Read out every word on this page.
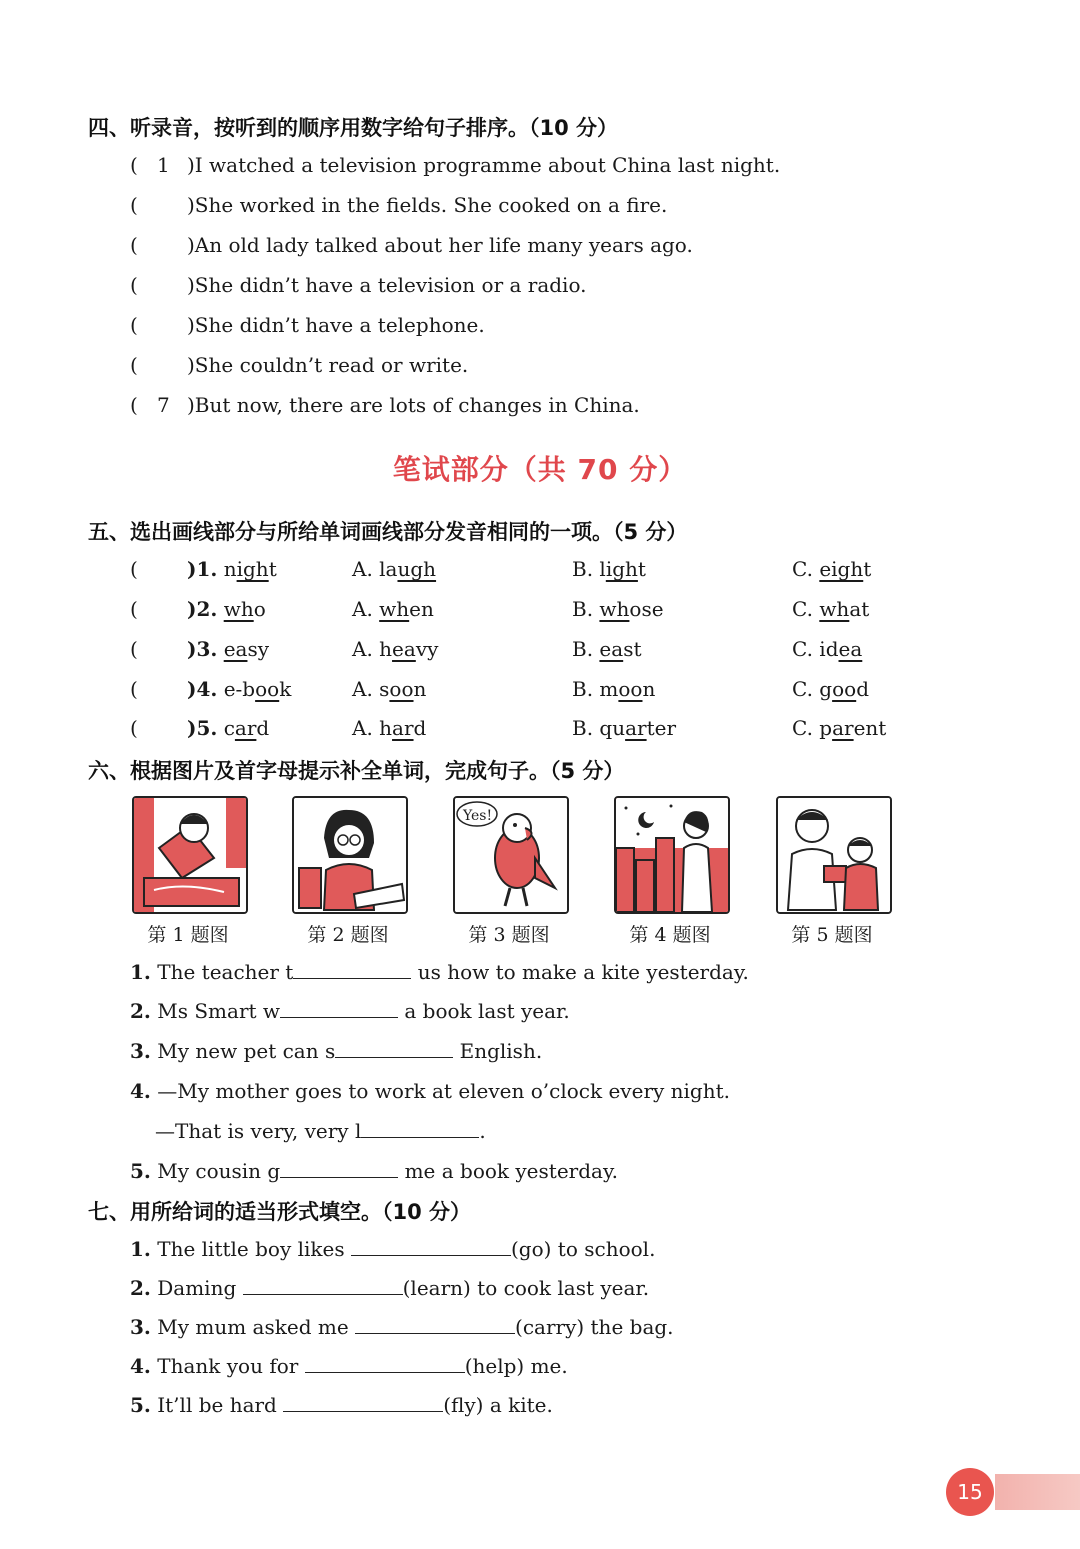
四、听录音，按听到的顺序用数字给句子排序。（10 分）
( 1 )I watched a television programme about China last night.
( )She worked in the fields. She cooked on a fire.
( )An old lady talked about her life many years ago.
( )She didn’t have a television or a radio.
( )She didn’t have a telephone.
( )She couldn’t read or write.
( 7 )But now, there are lots of changes in China.
笔试部分（共 70 分）
五、选出画线部分与所给单词画线部分发音相同的一项。（5 分）
( )1. night	A. laugh	B. light	C. eight
( )2. who	A. when	B. whose	C. what
( )3. easy	A. heavy	B. east	C. idea
( )4. e-book	A. soon	B. moon	C. good
( )5. card	A. hard	B. quarter	C. parent
六、根据图片及首字母提示补全单词，完成句子。（5 分）
Yes!
第 1 题图	第 2 题图	第 3 题图	第 4 题图	第 5 题图
1. The teacher t	us how to make a kite yesterday.
2. Ms Smart w	a book last year.
3. My new pet can s	English.
4. —My mother goes to work at eleven o’clock every night.
—That is very, very l	.
5. My cousin g	me a book yesterday.
七、用所给词的适当形式填空。（10 分）
1. The little boy likes	(go) to school.
2. Daming	(learn) to cook last year.
3. My mum asked me	(carry) the bag.
4. Thank you for	(help) me.
5. It’ll be hard	(fly) a kite.
15
